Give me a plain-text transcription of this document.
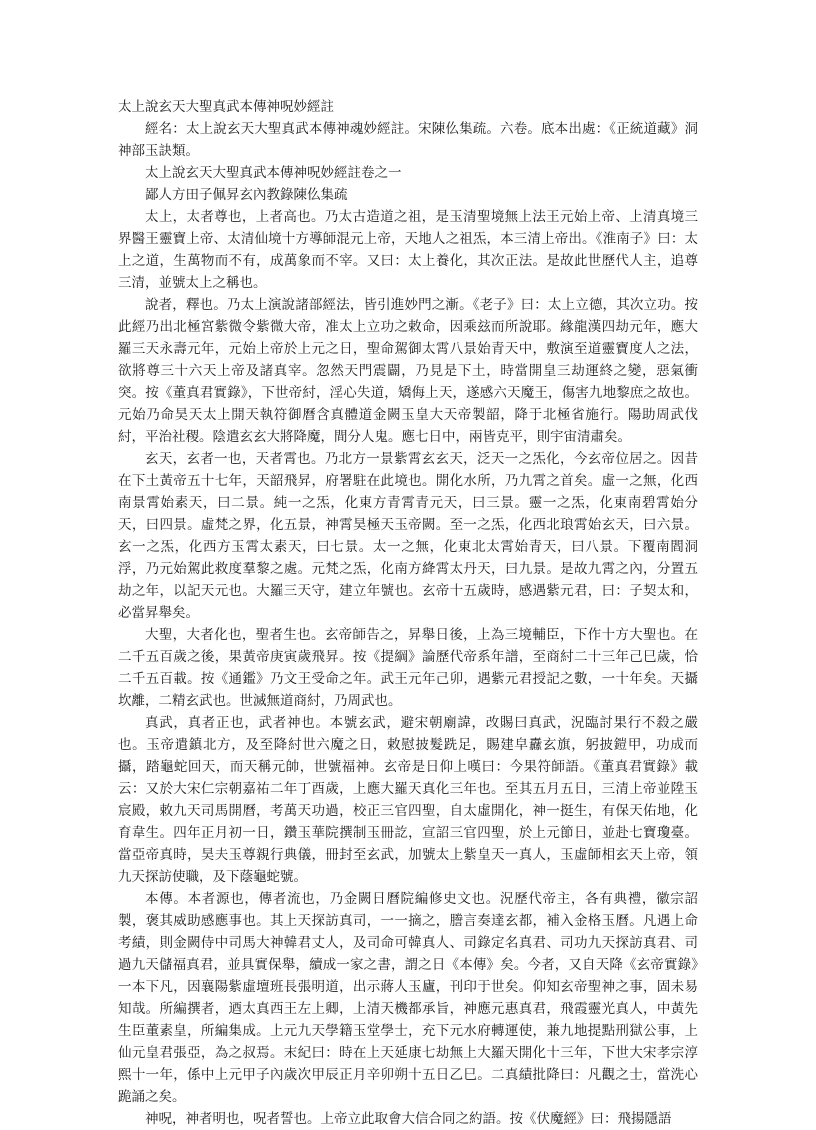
太上說玄天大聖真武本傳神呪妙經註

經名：太上說玄天大聖真武本傳神魂妙經註。宋陳仫集疏。六卷。底本出處：《正統道藏》洞神部玉訣類。

太上說玄天大聖真武本傳神呪妙經註卷之一

鄙人方田子佩昇玄內教錄陳仫集疏

太上，太者尊也，上者高也。乃太古造道之祖，是玉清聖境無上法王元始上帝、上清真境三界醫王靈寶上帝、太清仙境十方導師混元上帝，天地人之祖炁，本三清上帝出。《淮南子》曰：太上之道，生萬物而不有，成萬象而不宰。又曰：太上養化，其次正法。是故此世歷代人主，追尊三清，並號太上之稱也。

說者，釋也。乃太上演說諸部經法，皆引進妙門之漸。《老子》曰：太上立德，其次立功。按此經乃出北極宮紫微令紫微大帝，准太上立功之敕命，因乘玆而所說耶。緣龍漢四劫元年，應大羅三天永壽元年，元始上帝於上元之日，聖命駕御太霄八景始青天中，敷演至道靈寶度人之法，欲將尊三十六天上帝及諸真宰。忽然天門震闢，乃見是下土，時當開皇三劫運終之變，惡氣衝突。按《董真君實錄》，下世帝紂，淫心失道，矯侮上天，遂感六天魔王，傷害九地黎庶之故也。元始乃命昊天太上開天執符御曆含真體道金闕玉皇大天帝製韶，降于北極省施行。陽助周武伐紂，平治社稷。陰遣玄玄大將降魔，間分人鬼。應七日中，兩皆克平，則宇宙清肅矣。

玄天，玄者一也，天者霄也。乃北方一景紫霄玄玄天，泛天一之炁化，今玄帝位居之。因昔在下土黃帝五十七年，天韶飛昇，府署駐在此境也。開化水所，乃九霄之首矣。虛一之無，化西南景霄始素天，曰二景。純一之炁，化東方青霄青元天，曰三景。靈一之炁，化東南碧霄始分天，曰四景。虛梵之界，化五景，神霄昊極天玉帝闕。至一之炁，化西北琅霄始玄天，曰六景。玄一之炁，化西方玉霄太素天，曰七景。太一之無，化東北太霄始青天，曰八景。下覆南閻洞浮，乃元始駕此救度羣黎之處。元梵之炁，化南方絳霄太丹天，曰九景。是故九霄之內，分置五劫之年，以記天元也。大羅三天守，建立年號也。玄帝十五歲時，感遇紫元君，曰：子契太和，必當昇舉矣。

大聖，大者化也，聖者生也。玄帝師告之，昇舉日後，上為三境輔臣，下作十方大聖也。在二千五百歲之後，果黃帝庚寅歲飛昇。按《提綱》論歷代帝系年譜，至商紂二十三年己巳歲，恰二千五百載。按《通鑑》乃文王受命之年。武王元年己卯，遇紫元君授記之數，一十年矣。天攝坎離，二精玄武也。世滅無道商紂，乃周武也。

真武，真者正也，武者神也。本號玄武，避宋朝廟諱，改賜曰真武，況臨討果行不殺之嚴也。玉帝遣鎮北方，及至降紂世六魔之日，敕慰披髮跣足，賜建皁纛玄旗，躬披鎧甲，功成而攝，踏龜蛇回天，而天稱元帥，世號福神。玄帝是日仰上嘆曰：今果符師語。《董真君實錄》載云：又於大宋仁宗朝嘉祐二年丁酉歲，上應大羅天真化三年也。至其五月五日，三清上帝並陞玉宸殿，敕九天司馬開曆，考萬天功過，校正三官四聖，自太虛開化，神一挺生，有保天佑地，化育韋生。四年正月初一日，鑽玉華院撰制玉冊訖，宣詔三官四聖，於上元節日，並赴七寶瓊臺。當亞帝真時，昊夫玉尊親行典儀，冊封至玄武，加號太上紫皇天一真人，玉虛師相玄天上帝，領九天探訪使職，及下蔭龜蛇號。

本傳。本者源也，傳者流也，乃金闕日曆院編修史文也。況歷代帝主，各有典禮，徽宗詔製，褒其威助感應事也。其上天探訪真司，一一摘之，謄言奏達玄都，補入金格玉曆。凡遇上命考績，則金闕侍中司馬大神韓君丈人，及司命可韓真人、司錄定名真君、司功九天探訪真君、司過九天儲福真君，並具實保舉，續成一家之書，謂之日《本傳》矣。今者，又自天降《玄帝實錄》一本下凡，因襄陽紫虛壇班長張明道，出示蔣人玉廬，刊印于世矣。仰知玄帝聖神之事，固未易知哉。所編撰者，迺太真西王左上卿，上清天機都承旨，神應元惠真君，飛霞靈光真人，中黃先生臣董素皇，所編集成。上元九天學籍玉堂學士，充下元水府轉運使，兼九地提點刑獄公事，上仙元皇君張亞，為之叔焉。末紀曰：時在上天延康七劫無上大羅天開化十三年，下世大宋孝宗淳熙十一年，係中上元甲子內歲次甲辰正月辛卯朔十五日乙巳。二真績批降曰：凡觀之士，當洗心跪誦之矣。

神呪，神者明也，呪者誓也。上帝立此取會大信合同之約語。按《伏魔經》曰：飛揚隱語
